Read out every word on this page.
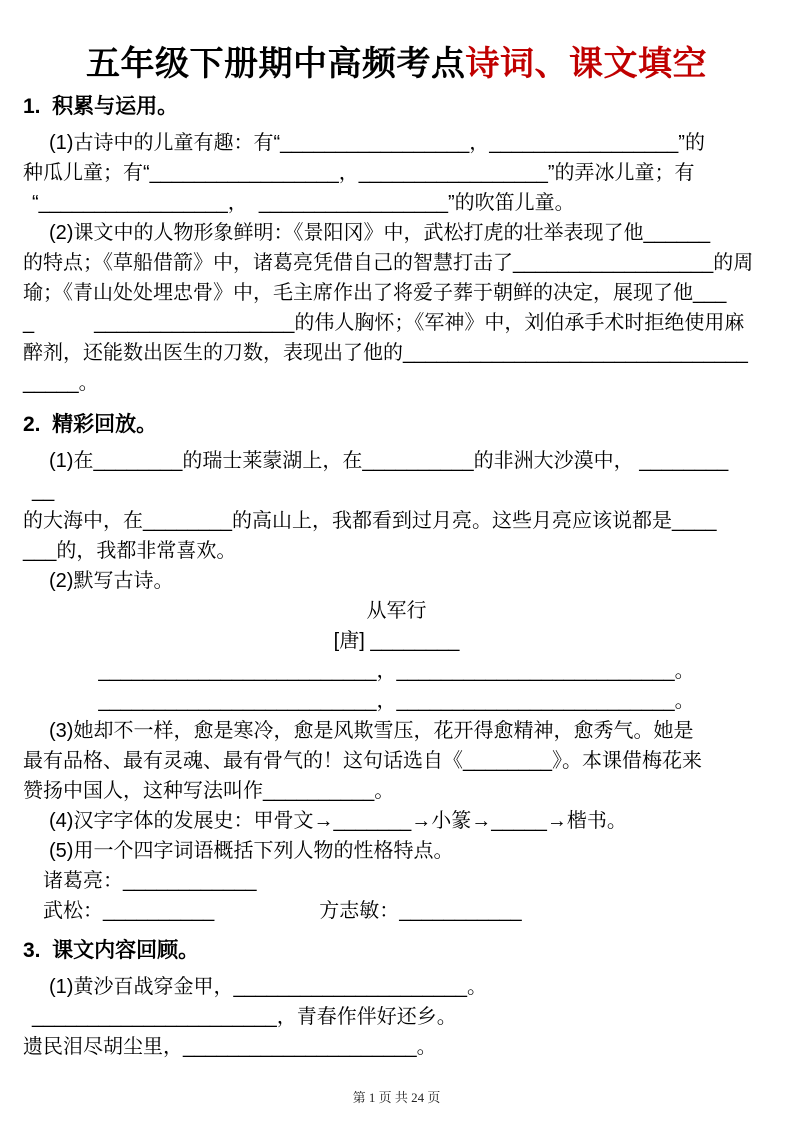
五年级下册期中高频考点诗词、课文填空
1.  积累与运用。
(1)古诗中的儿童有趣：有“_________________，_________________”的
种瓜儿童；有“_________________，_________________”的弄冰儿童；有
“_________________，  _________________”的吹笛儿童。
(2)课文中的人物形象鲜明：《景阳冈》中，武松打虎的壮举表现了他______
的特点；《草船借箭》中，诸葛亮凭借自己的智慧打击了__________________的周
瑜；《青山处处埋忠骨》中，毛主席作出了将爱子葬于朝鲜的决定，展现了他___
_　　　__________________的伟人胸怀；《军神》中，刘伯承手术时拒绝使用麻
醉剂，还能数出医生的刀数，表现出了他的_______________________________
_____。
2.  精彩回放。
(1)在________的瑞士莱蒙湖上，在__________的非洲大沙漠中， ________
__
的大海中，在________的高山上，我都看到过月亮。这些月亮应该说都是____
___的，我都非常喜欢。
(2)默写古诗。
从军行
[唐] ________
_________________________，_________________________。
_________________________，_________________________。
(3)她却不一样，愈是寒冷，愈是风欺雪压，花开得愈精神，愈秀气。她是
最有品格、最有灵魂、最有骨气的！这句话选自《________》。本课借梅花来
赞扬中国人，这种写法叫作__________。
(4)汉字字体的发展史：甲骨文→_______→小篆→_____→楷书。
(5)用一个四字词语概括下列人物的性格特点。
诸葛亮：____________
武松：__________	方志敏：___________
3.  课文内容回顾。
(1)黄沙百战穿金甲，_____________________。
______________________，青春作伴好还乡。
遗民泪尽胡尘里，_____________________。
第 1 页 共 24 页
